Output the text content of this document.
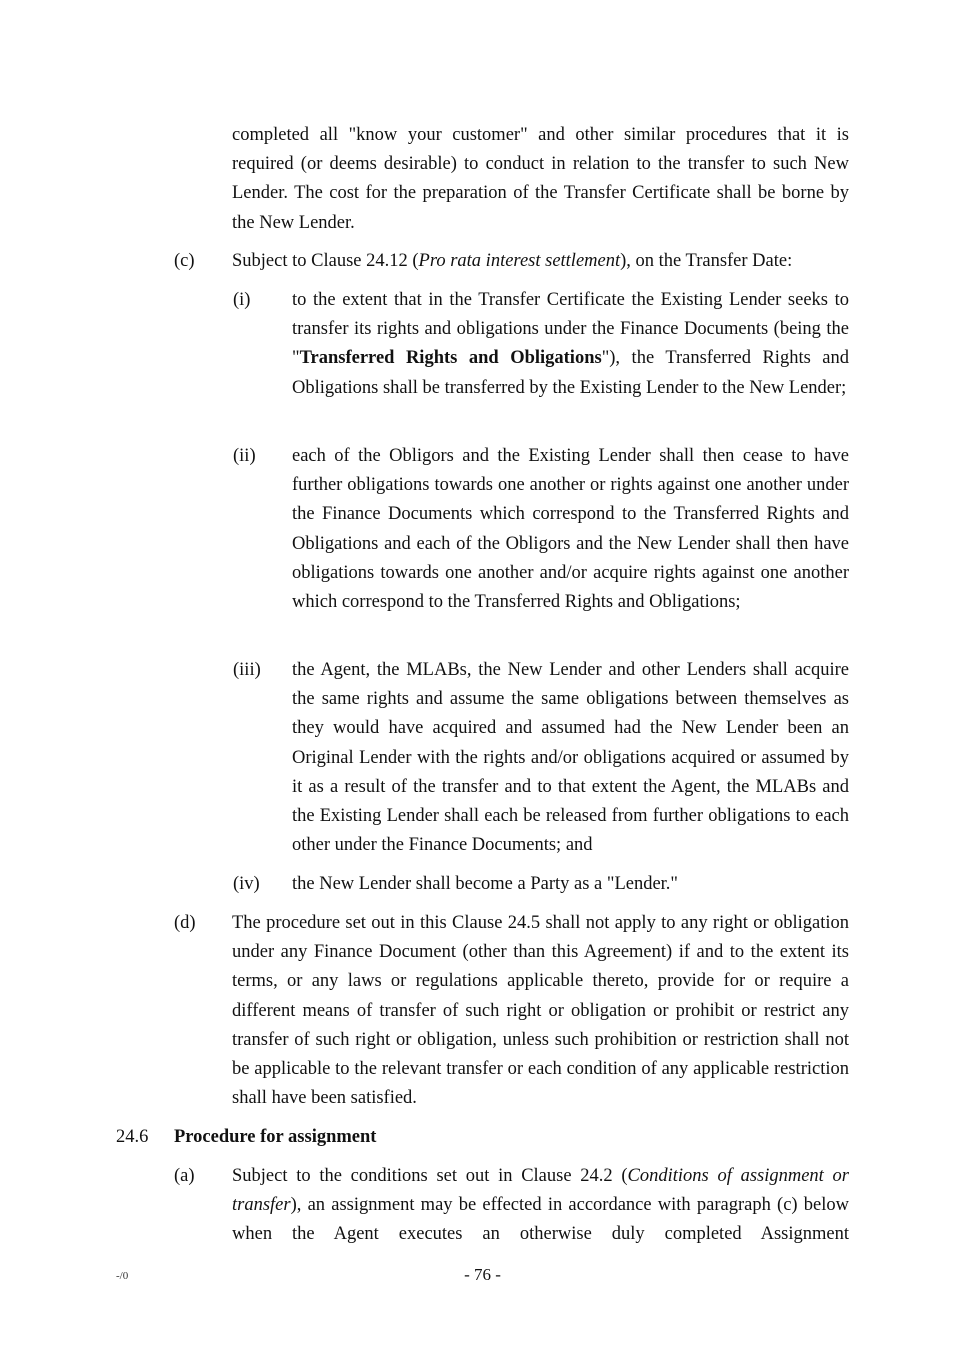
completed all "know your customer" and other similar procedures that it is required (or deems desirable) to conduct in relation to the transfer to such New Lender. The cost for the preparation of the Transfer Certificate shall be borne by the New Lender.
(c) Subject to Clause 24.12 (Pro rata interest settlement), on the Transfer Date:
(i) to the extent that in the Transfer Certificate the Existing Lender seeks to transfer its rights and obligations under the Finance Documents (being the "Transferred Rights and Obligations"), the Transferred Rights and Obligations shall be transferred by the Existing Lender to the New Lender;
(ii) each of the Obligors and the Existing Lender shall then cease to have further obligations towards one another or rights against one another under the Finance Documents which correspond to the Transferred Rights and Obligations and each of the Obligors and the New Lender shall then have obligations towards one another and/or acquire rights against one another which correspond to the Transferred Rights and Obligations;
(iii) the Agent, the MLABs, the New Lender and other Lenders shall acquire the same rights and assume the same obligations between themselves as they would have acquired and assumed had the New Lender been an Original Lender with the rights and/or obligations acquired or assumed by it as a result of the transfer and to that extent the Agent, the MLABs and the Existing Lender shall each be released from further obligations to each other under the Finance Documents; and
(iv) the New Lender shall become a Party as a "Lender."
(d) The procedure set out in this Clause 24.5 shall not apply to any right or obligation under any Finance Document (other than this Agreement) if and to the extent its terms, or any laws or regulations applicable thereto, provide for or require a different means of transfer of such right or obligation or prohibit or restrict any transfer of such right or obligation, unless such prohibition or restriction shall not be applicable to the relevant transfer or each condition of any applicable restriction shall have been satisfied.
24.6 Procedure for assignment
(a) Subject to the conditions set out in Clause 24.2 (Conditions of assignment or transfer), an assignment may be effected in accordance with paragraph (c) below when the Agent executes an otherwise duly completed Assignment
-/0	- 76 -
